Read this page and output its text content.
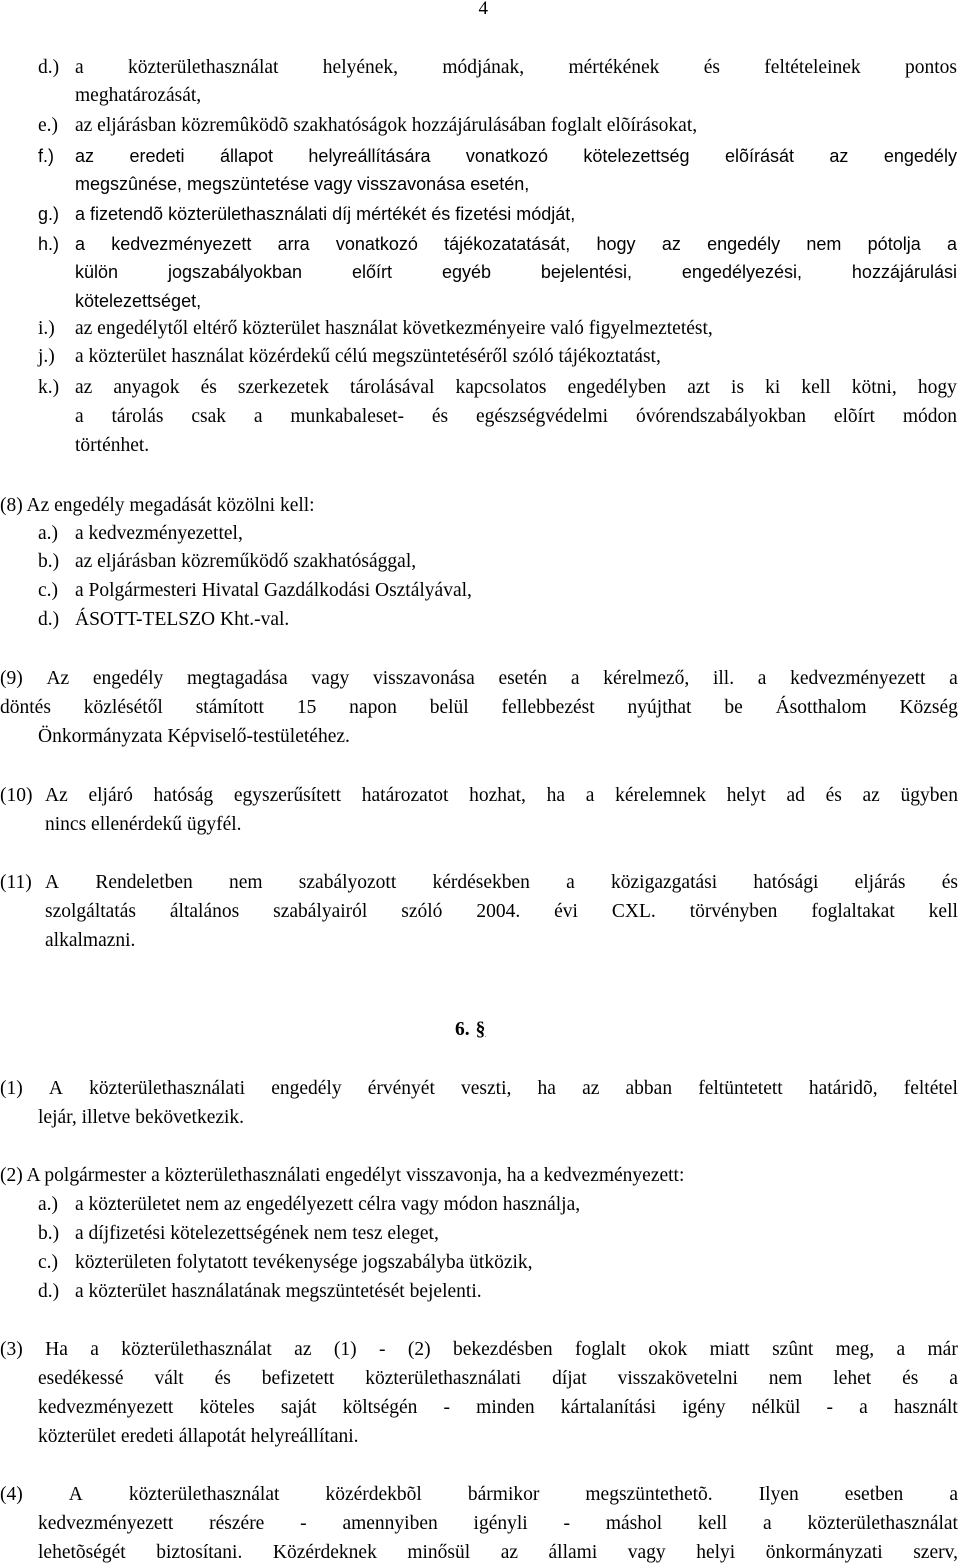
4
d.) a közterülethasználat helyének, módjának, mértékének és feltételeinek pontos
meghatározását,
e.) az eljárásban közremûködõ szakhatóságok hozzájárulásában foglalt elõírásokat,
f.) az eredeti állapot helyreállítására vonatkozó kötelezettség elõírását az engedély
megszûnése, megszüntetése vagy visszavonása esetén,
g.) a fizetendõ közterülethasználati díj mértékét és fizetési módját,
h.) a kedvezményezett arra vonatkozó tájékozatatását, hogy az engedély nem pótolja a
külön	jogszabályokban	előírt	egyéb	bejelentési,	engedélyezési,	hozzájárulási
kötelezettséget,
i.) az engedélytől eltérő közterület használat következményeire való figyelmeztetést,
j.) a közterület használat közérdekű célú megszüntetéséről szóló tájékoztatást,
k.) az anyagok és szerkezetek tárolásával kapcsolatos engedélyben azt is ki kell kötni, hogy
a tárolás csak a munkabaleset- és egészségvédelmi óvórendszabályokban elõírt módon
történhet.
(8) Az engedély megadását közölni kell:
a.) a kedvezményezettel,
b.) az eljárásban közreműködő szakhatósággal,
c.) a Polgármesteri Hivatal Gazdálkodási Osztályával,
d.) ÁSOTT-TELSZO Kht.-val.
(9) Az engedély megtagadása vagy visszavonása esetén a kérelmező, ill. a kedvezményezett a
döntés közlésétől stámított 15 napon belül fellebbezést nyújthat be Ásotthalom Község
Önkormányzata Képviselő-testületéhez.
(10) Az eljáró hatóság egyszerűsített határozatot hozhat, ha a kérelemnek helyt ad és az ügyben
nincs ellenérdekű ügyfél.
(11) A Rendeletben nem szabályozott kérdésekben a közigazgatási hatósági eljárás és
szolgáltatás általános szabályairól szóló 2004. évi CXL. törvényben foglaltakat kell
alkalmazni.
6. §
(1) A közterülethasználati engedély érvényét veszti, ha az abban feltüntetett határidõ, feltétel
lejár, illetve bekövetkezik.
(2) A polgármester a közterülethasználati engedélyt visszavonja, ha a kedvezményezett:
a.) a közterületet nem az engedélyezett célra vagy módon használja,
b.) a díjfizetési kötelezettségének nem tesz eleget,
c.) közterületen folytatott tevékenysége jogszabályba ütközik,
d.) a közterület használatának megszüntetését bejelenti.
(3) Ha a közterülethasználat az (1) - (2) bekezdésben foglalt okok miatt szûnt meg, a már
esedékessé vált és befizetett közterülethasználati díjat visszakövetelni nem lehet és a
kedvezményezett köteles saját költségén - minden kártalanítási igény nélkül - a használt
közterület eredeti állapotát helyreállítani.
(4) A közterülethasználat közérdekbõl bármikor megszüntethetõ. Ilyen esetben a
kedvezményezett részére - amennyiben igényli - máshol kell a közterülethasználat
lehetõségét biztosítani. Közérdeknek minősül az állami vagy helyi önkormányzati szerv,
